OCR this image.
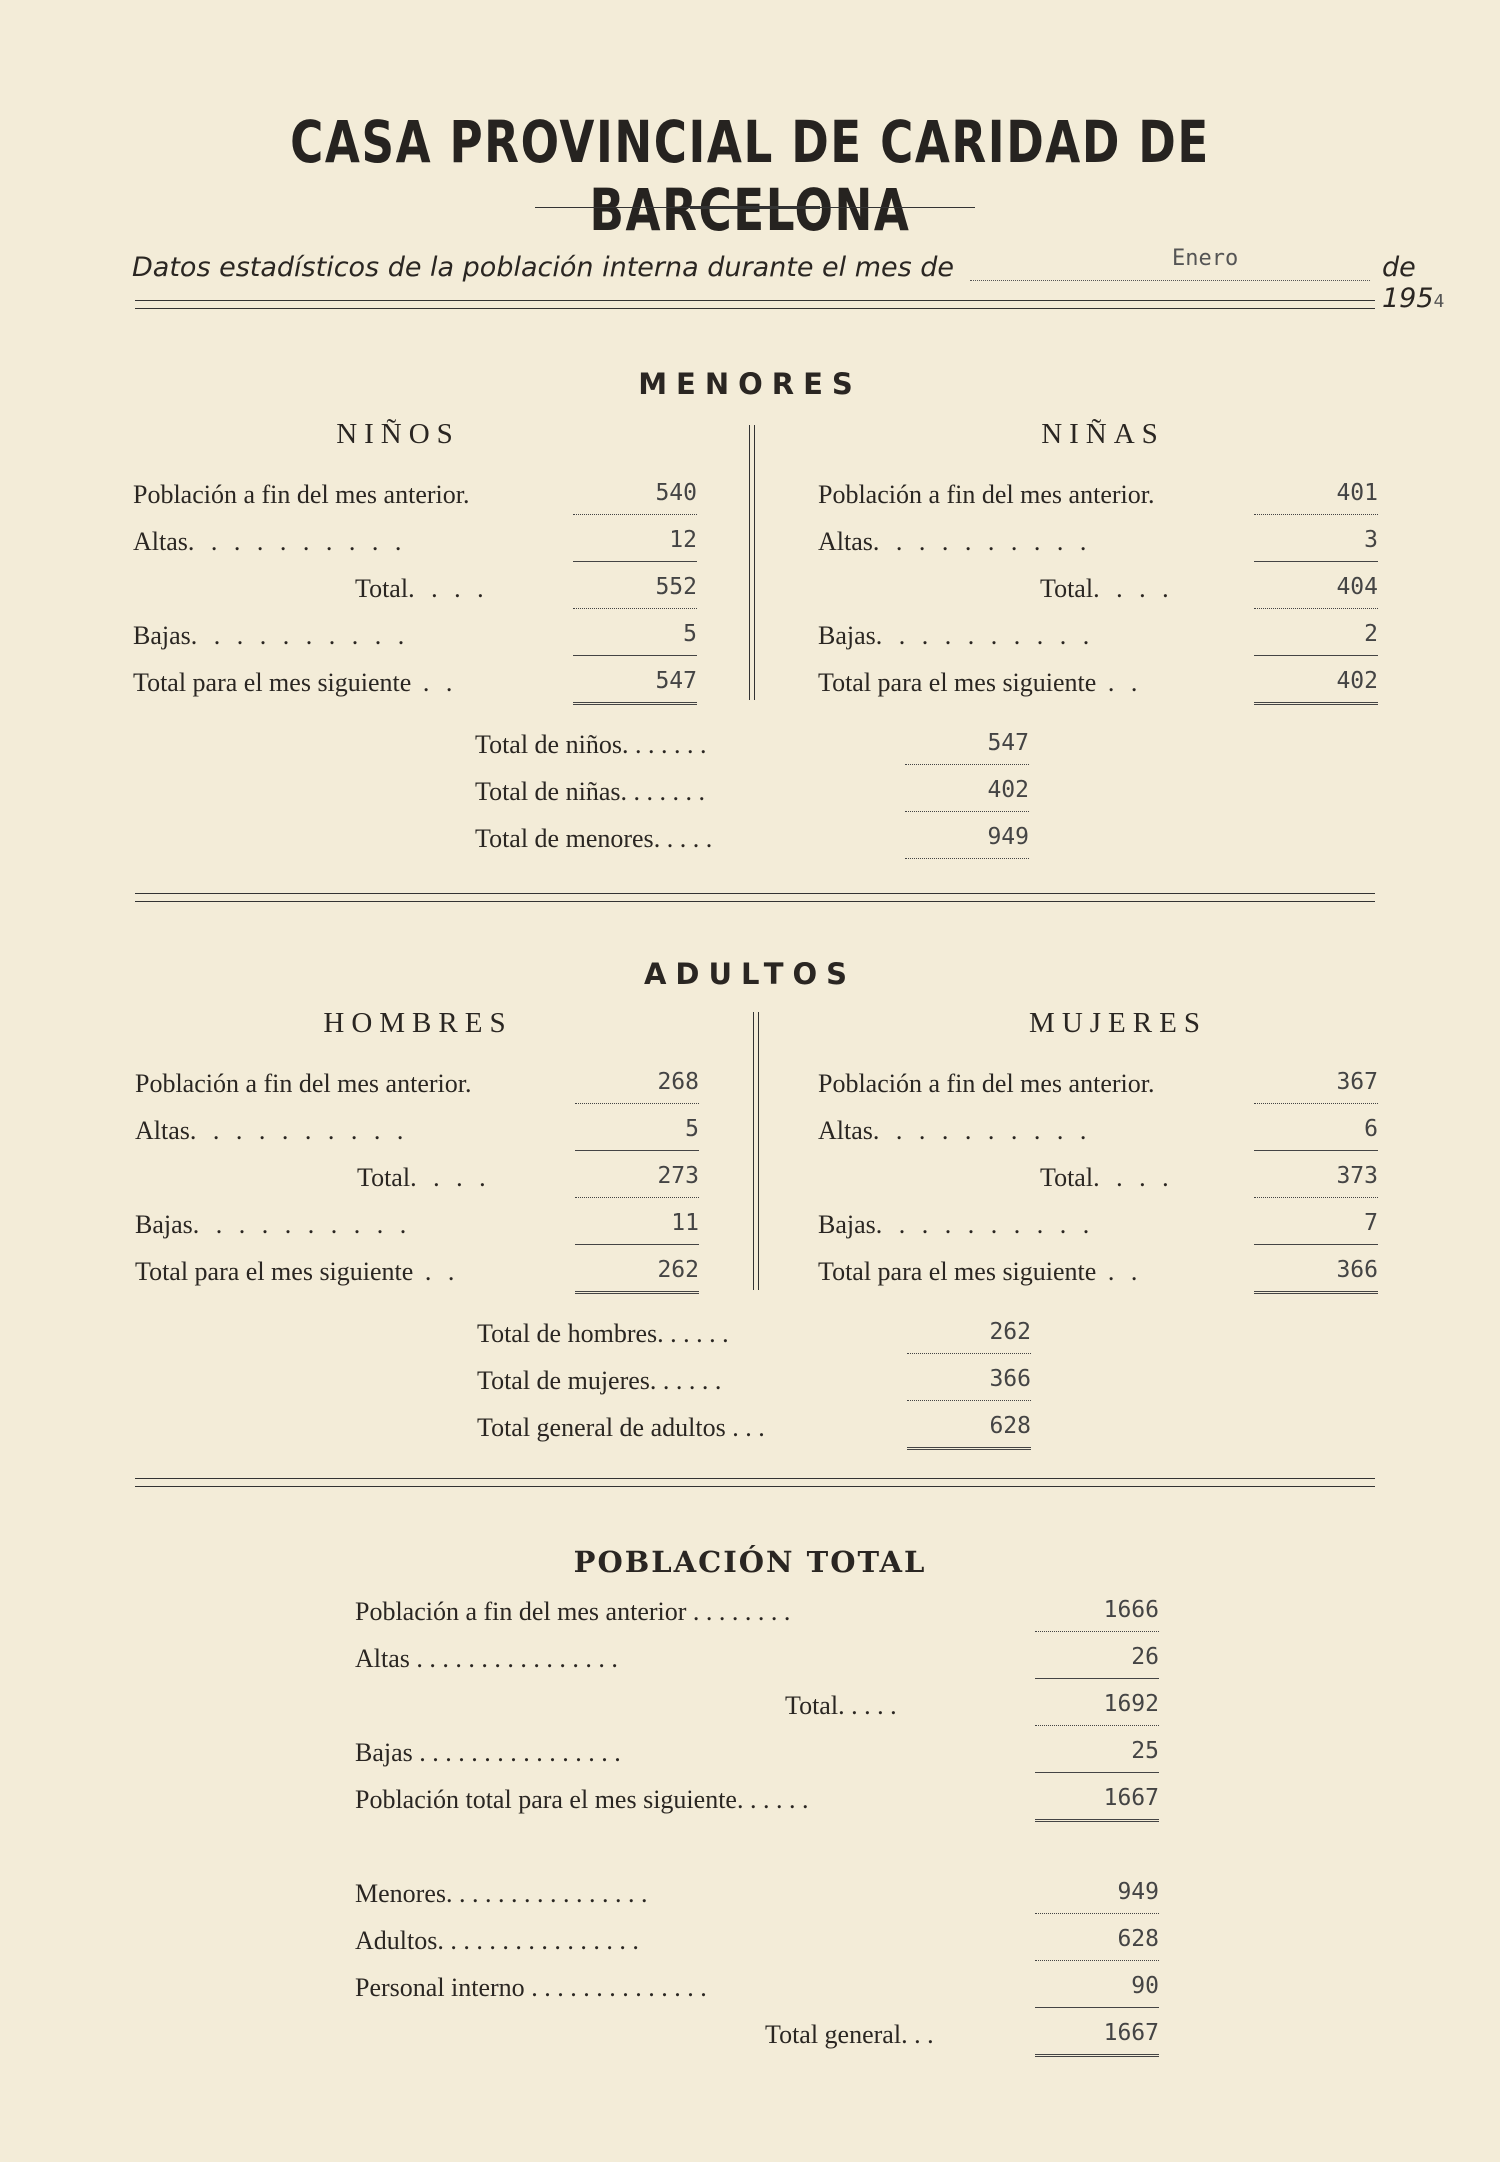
CASA PROVINCIAL DE CARIDAD DE BARCELONA
Datos estadísticos de la población interna durante el mes de	Enero	de 1954
MENORES
NIÑOS
Población a fin del mes anterior.	540
Altas. . . . . . . . . .	12
Total. . . .	552
Bajas. . . . . . . . . .	5
Total para el mes siguiente . .	547
NIÑAS
Población a fin del mes anterior.	401
Altas. . . . . . . . . .	3
Total. . . .	404
Bajas. . . . . . . . . .	2
Total para el mes siguiente . .	402
Total de niños. . . . . . .	547
Total de niñas. . . . . . .	402
Total de menores. . . . .	949
ADULTOS
HOMBRES
Población a fin del mes anterior.	268
Altas. . . . . . . . . .	5
Total. . . .	273
Bajas. . . . . . . . . .	11
Total para el mes siguiente . .	262
MUJERES
Población a fin del mes anterior.	367
Altas. . . . . . . . . .	6
Total. . . .	373
Bajas. . . . . . . . . .	7
Total para el mes siguiente . .	366
Total de hombres. . . . . .	262
Total de mujeres. . . . . .	366
Total general de adultos . . .	628
POBLACIÓN TOTAL
Población a fin del mes anterior . . . . . . . .	1666
Altas . . . . . . . . . . . . . . . .	26
Total. . . . .	1692
Bajas . . . . . . . . . . . . . . . .	25
Población total para el mes siguiente. . . . . .	1667
Menores. . . . . . . . . . . . . . . .	949
Adultos. . . . . . . . . . . . . . . .	628
Personal interno . . . . . . . . . . . . . .	90
Total general. . .	1667
